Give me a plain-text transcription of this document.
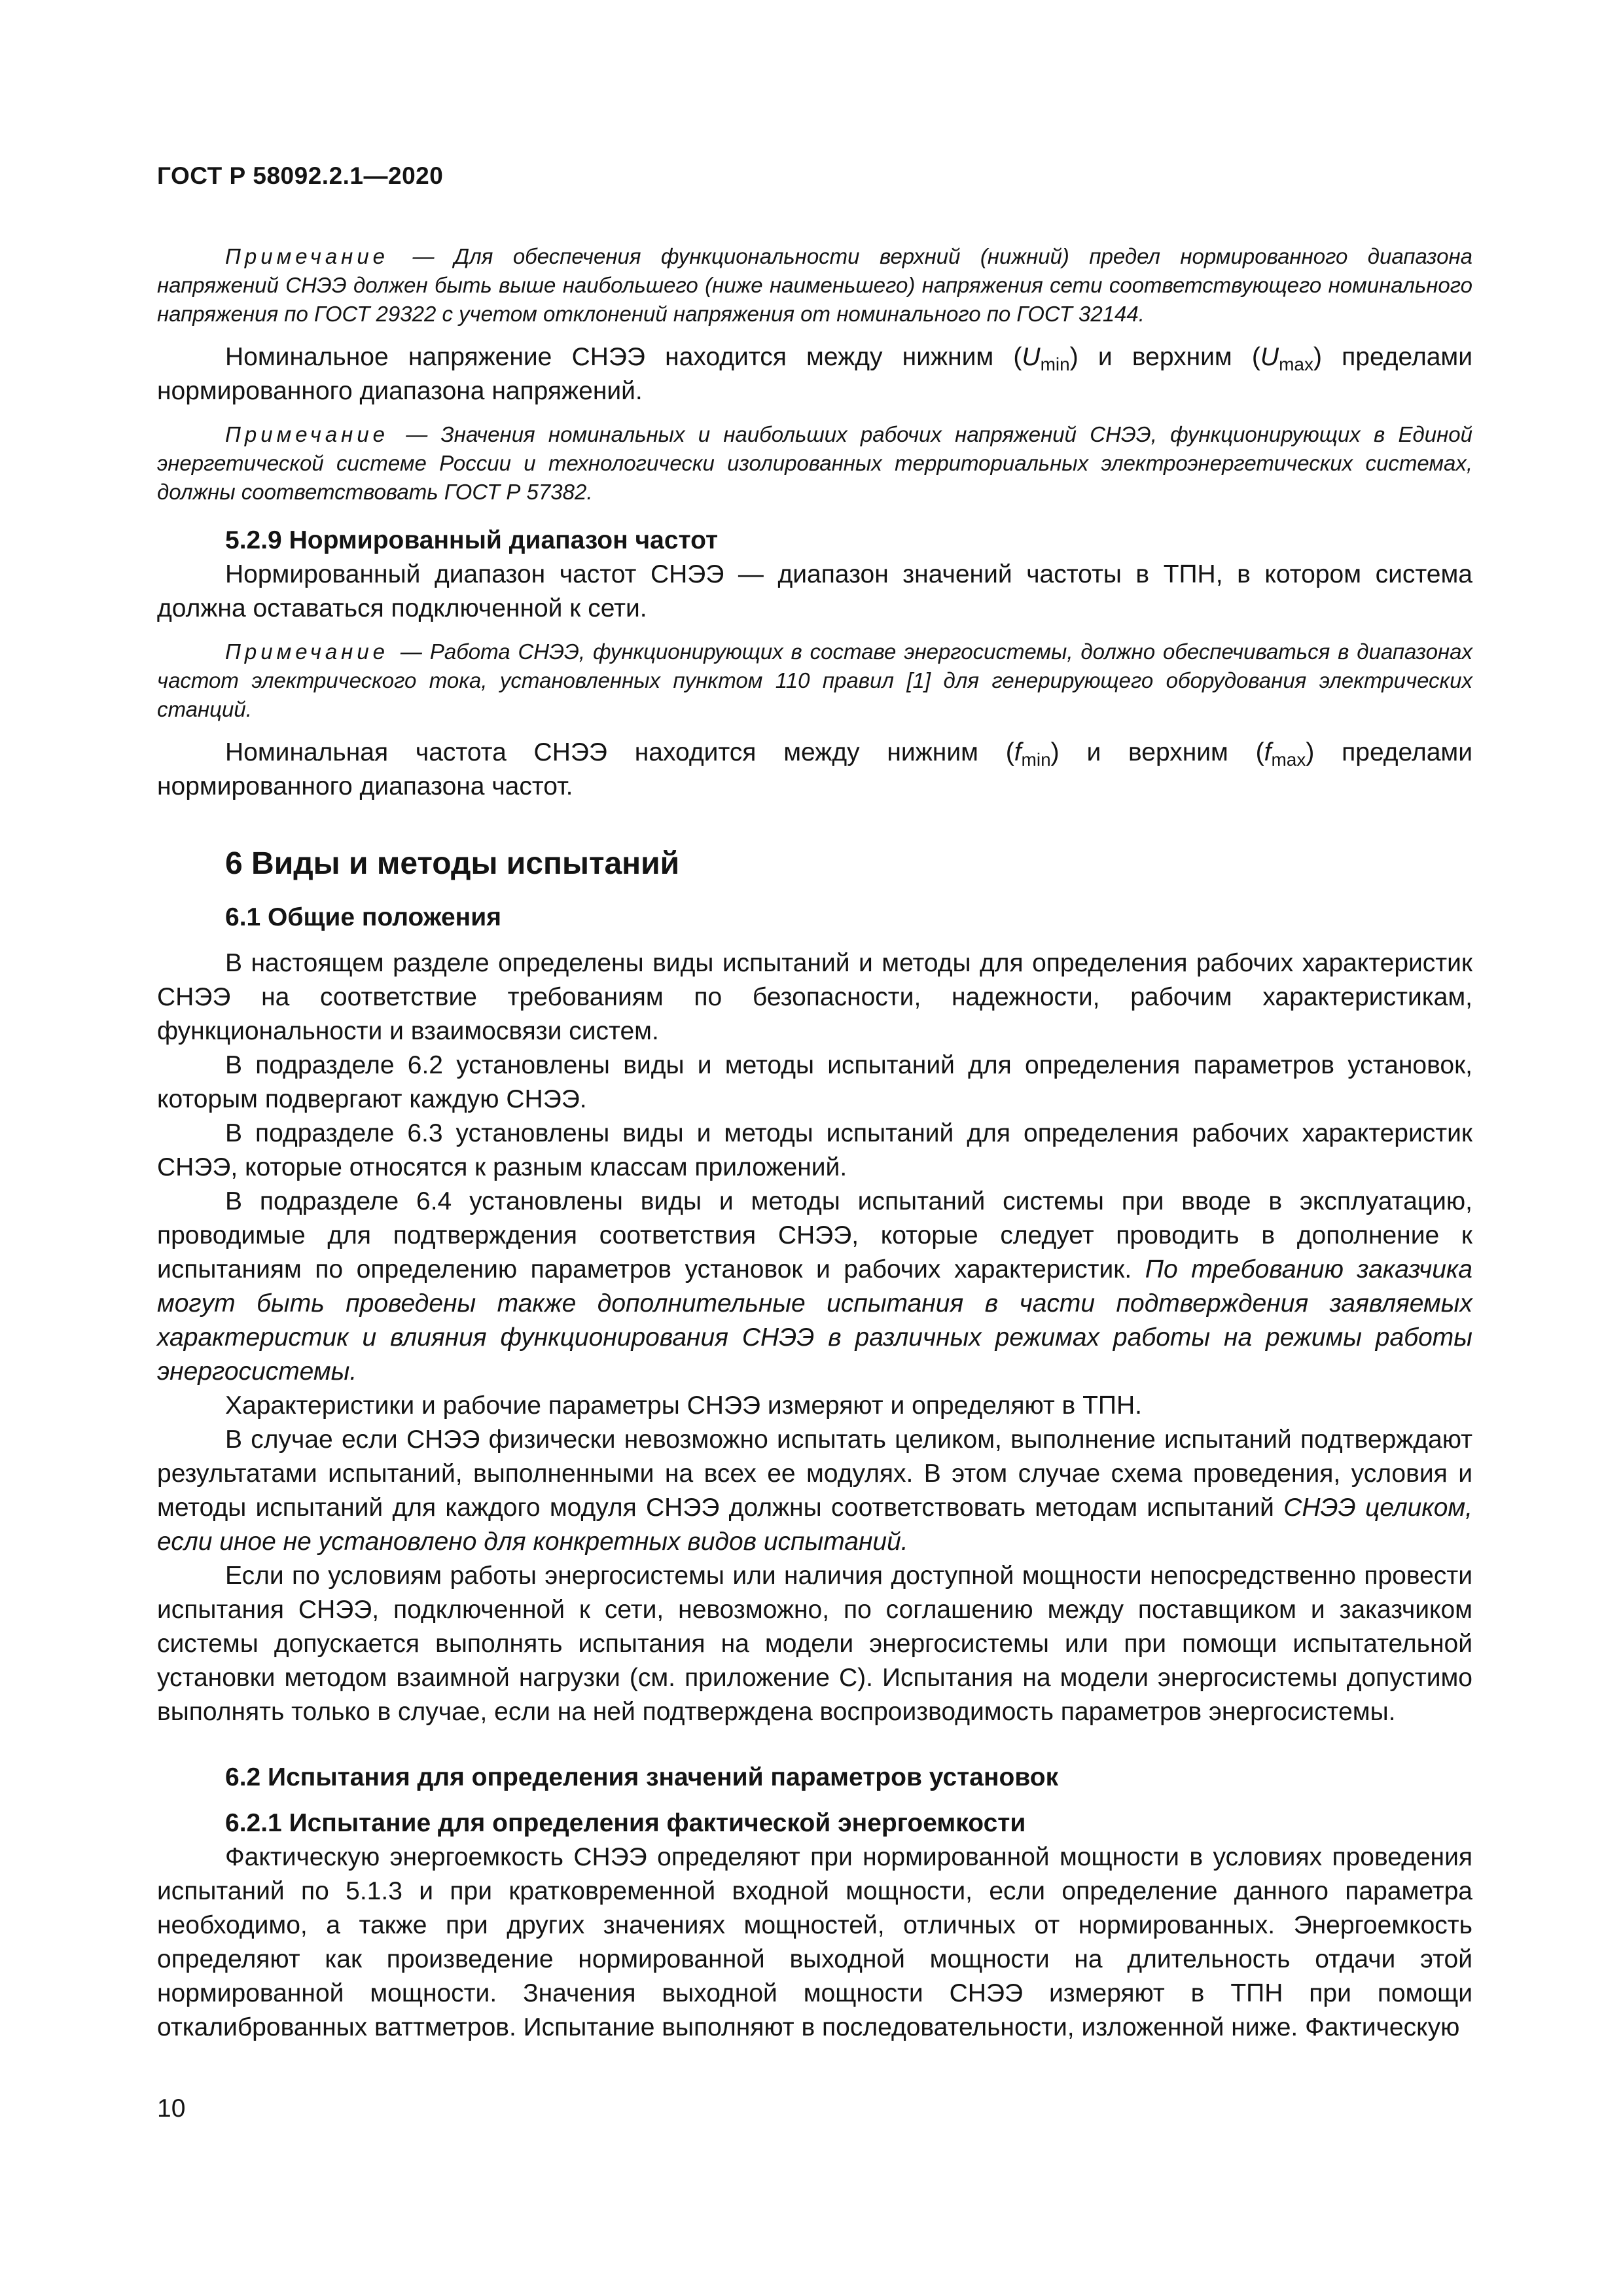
ГОСТ Р 58092.2.1—2020

Примечание — Для обеспечения функциональности верхний (нижний) предел нормированного диапазона напряжений СНЭЭ должен быть выше наибольшего (ниже наименьшего) напряжения сети соответствующего номинального напряжения по ГОСТ 29322 с учетом отклонений напряжения от номинального по ГОСТ 32144.

Номинальное напряжение СНЭЭ находится между нижним $(U_{min})$ и верхним $(U_{max})$ пределами нормированного диапазона напряжений.

Примечание — Значения номинальных и наибольших рабочих напряжений СНЭЭ, функционирующих в Единой энергетической системе России и технологически изолированных территориальных электроэнергетических системах, должны соответствовать ГОСТ Р 57382.

5.2.9 Нормированный диапазон частот

Нормированный диапазон частот СНЭЭ — диапазон значений частоты в ТПН, в котором система должна оставаться подключенной к сети.

Примечание — Работа СНЭЭ, функционирующих в составе энергосистемы, должно обеспечиваться в диапазонах частот электрического тока, установленных пунктом 110 правил [1] для генерирующего оборудования электрических станций.

Номинальная частота СНЭЭ находится между нижним $(f_{min})$ и верхним $(f_{max})$ пределами нормированного диапазона частот.

6 Виды и методы испытаний
6.1 Общие положения

В настоящем разделе определены виды испытаний и методы для определения рабочих характеристик СНЭЭ на соответствие требованиям по безопасности, надежности, рабочим характеристикам, функциональности и взаимосвязи систем.

В подразделе 6.2 установлены виды и методы испытаний для определения параметров установок, которым подвергают каждую СНЭЭ.

В подразделе 6.3 установлены виды и методы испытаний для определения рабочих характеристик СНЭЭ, которые относятся к разным классам приложений.

В подразделе 6.4 установлены виды и методы испытаний системы при вводе в эксплуатацию, проводимые для подтверждения соответствия СНЭЭ, которые следует проводить в дополнение к испытаниям по определению параметров установок и рабочих характеристик. По требованию заказчика могут быть проведены также дополнительные испытания в части подтверждения заявляемых характеристик и влияния функционирования СНЭЭ в различных режимах работы на режимы работы энергосистемы.

Характеристики и рабочие параметры СНЭЭ измеряют и определяют в ТПН.

В случае если СНЭЭ физически невозможно испытать целиком, выполнение испытаний подтверждают результатами испытаний, выполненными на всех ее модулях. В этом случае схема проведения, условия и методы испытаний для каждого модуля СНЭЭ должны соответствовать методам испытаний СНЭЭ целиком, если иное не установлено для конкретных видов испытаний.

Если по условиям работы энергосистемы или наличия доступной мощности непосредственно провести испытания СНЭЭ, подключенной к сети, невозможно, по соглашению между поставщиком и заказчиком системы допускается выполнять испытания на модели энергосистемы или при помощи испытательной установки методом взаимной нагрузки (см. приложение С). Испытания на модели энергосистемы допустимо выполнять только в случае, если на ней подтверждена воспроизводимость параметров энергосистемы.

6.2 Испытания для определения значений параметров установок
6.2.1 Испытание для определения фактической энергоемкости

Фактическую энергоемкость СНЭЭ определяют при нормированной мощности в условиях проведения испытаний по 5.1.3 и при кратковременной входной мощности, если определение данного параметра необходимо, а также при других значениях мощностей, отличных от нормированных. Энергоемкость определяют как произведение нормированной выходной мощности на длительность отдачи этой нормированной мощности. Значения выходной мощности СНЭЭ измеряют в ТПН при помощи откалиброванных ваттметров. Испытание выполняют в последовательности, изложенной ниже. Фактическую

10
